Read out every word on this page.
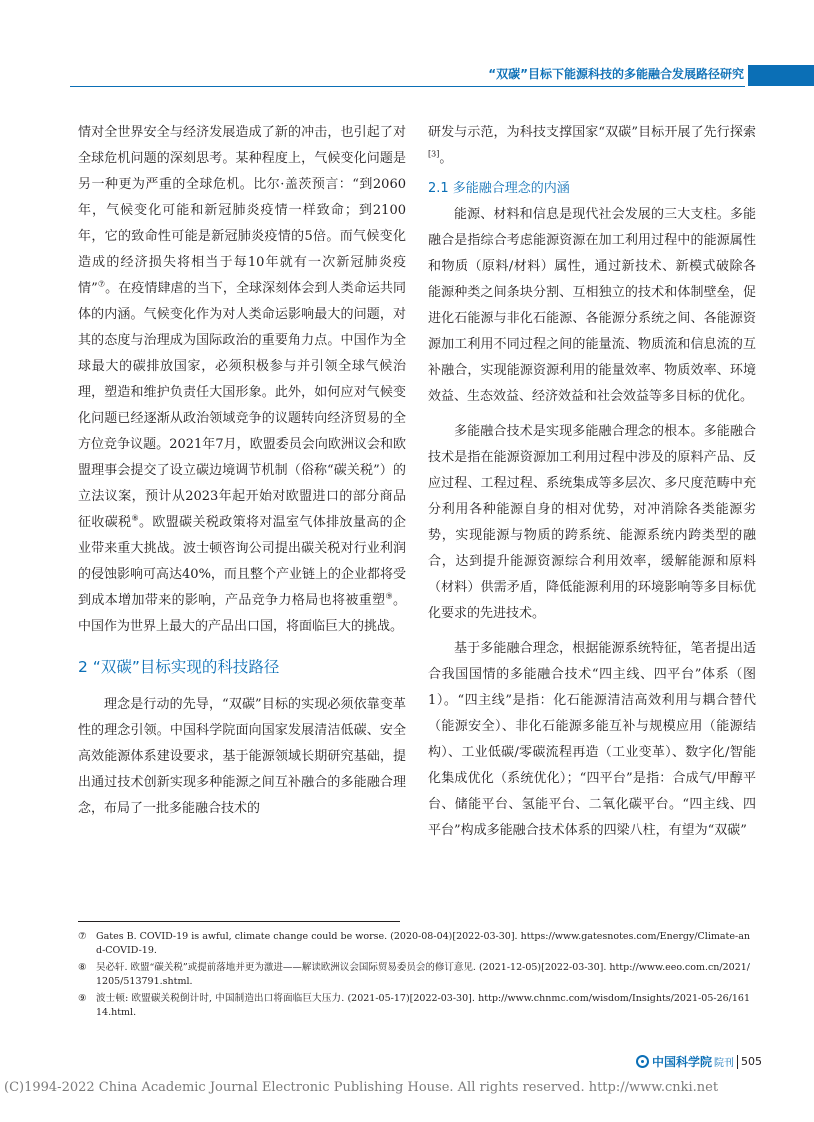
“双碳”目标下能源科技的多能融合发展路径研究

情对全世界安全与经济发展造成了新的冲击，也引起了对全球危机问题的深刻思考。某种程度上，气候变化问题是另一种更为严重的全球危机。比尔·盖茨预言：“到2060年，气候变化可能和新冠肺炎疫情一样致命；到2100年，它的致命性可能是新冠肺炎疫情的5倍。而气候变化造成的经济损失将相当于每10年就有一次新冠肺炎疫情”⑦。在疫情肆虐的当下，全球深刻体会到人类命运共同体的内涵。气候变化作为对人类命运影响最大的问题，对其的态度与治理成为国际政治的重要角力点。中国作为全球最大的碳排放国家，必须积极参与并引领全球气候治理，塑造和维护负责任大国形象。此外，如何应对气候变化问题已经逐渐从政治领域竞争的议题转向经济贸易的全方位竞争议题。2021年7月，欧盟委员会向欧洲议会和欧盟理事会提交了设立碳边境调节机制（俗称“碳关税”）的立法议案，预计从2023年起开始对欧盟进口的部分商品征收碳税⑧。欧盟碳关税政策将对温室气体排放量高的企业带来重大挑战。波士顿咨询公司提出碳关税对行业利润的侵蚀影响可高达40%，而且整个产业链上的企业都将受到成本增加带来的影响，产品竞争力格局也将被重塑⑨。中国作为世界上最大的产品出口国，将面临巨大的挑战。

2 “双碳”目标实现的科技路径

理念是行动的先导，“双碳”目标的实现必须依靠变革性的理念引领。中国科学院面向国家发展清洁低碳、安全高效能源体系建设要求，基于能源领域长期研究基础，提出通过技术创新实现多种能源之间互补融合的多能融合理念，布局了一批多能融合技术的

研发与示范，为科技支撑国家“双碳”目标开展了先行探索[3]。

2.1 多能融合理念的内涵

能源、材料和信息是现代社会发展的三大支柱。多能融合是指综合考虑能源资源在加工利用过程中的能源属性和物质（原料/材料）属性，通过新技术、新模式破除各能源种类之间条块分割、互相独立的技术和体制壁垒，促进化石能源与非化石能源、各能源分系统之间、各能源资源加工利用不同过程之间的能量流、物质流和信息流的互补融合，实现能源资源利用的能量效率、物质效率、环境效益、生态效益、经济效益和社会效益等多目标的优化。

多能融合技术是实现多能融合理念的根本。多能融合技术是指在能源资源加工利用过程中涉及的原料产品、反应过程、工程过程、系统集成等多层次、多尺度范畴中充分利用各种能源自身的相对优势，对冲消除各类能源劣势，实现能源与物质的跨系统、能源系统内跨类型的融合，达到提升能源资源综合利用效率，缓解能源和原料（材料）供需矛盾，降低能源利用的环境影响等多目标优化要求的先进技术。

基于多能融合理念，根据能源系统特征，笔者提出适合我国国情的多能融合技术“四主线、四平台”体系（图1）。“四主线”是指：化石能源清洁高效利用与耦合替代（能源安全）、非化石能源多能互补与规模应用（能源结构）、工业低碳/零碳流程再造（工业变革）、数字化/智能化集成优化（系统优化）；“四平台”是指：合成气/甲醇平台、储能平台、氢能平台、二氧化碳平台。“四主线、四平台”构成多能融合技术体系的四梁八柱，有望为“双碳”

⑦ Gates B. COVID-19 is awful, climate change could be worse. (2020-08-04)[2022-03-30]. https://www.gatesnotes.com/Energy/Climate-and-COVID-19.
⑧ 吴必轩. 欧盟“碳关税”或提前落地并更为激进——解读欧洲议会国际贸易委员会的修订意见. (2021-12-05)[2022-03-30]. http://www.eeo.com.cn/2021/1205/513791.shtml.
⑨ 波士顿: 欧盟碳关税倒计时, 中国制造出口将面临巨大压力. (2021-05-17)[2022-03-30]. http://www.chnmc.com/wisdom/Insights/2021-05-26/16114.html.
中国科学院 院刊 505
(C)1994-2022 China Academic Journal Electronic Publishing House. All rights reserved. http://www.cnki.net
